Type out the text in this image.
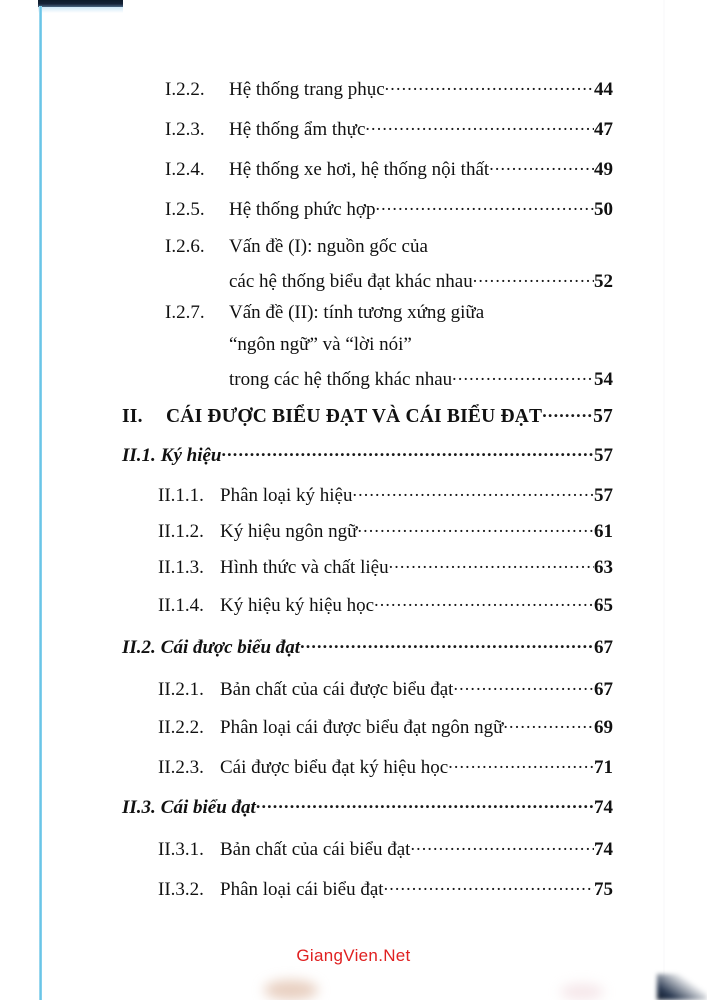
I.2.2.	Hệ thống trang phục .....	44
I.2.3.	Hệ thống ẩm thực .....	47
I.2.4.	Hệ thống xe hơi, hệ thống nội thất .....	49
I.2.5.	Hệ thống phức hợp .....	50
I.2.6.	Vấn đề (I): nguồn gốc của
các hệ thống biểu đạt khác nhau .....	52
I.2.7.	Vấn đề (II): tính tương xứng giữa
“ngôn ngữ” và “lời nói”
trong các hệ thống khác nhau .....	54
II.	CÁI ĐƯỢC BIỂU ĐẠT VÀ CÁI BIỂU ĐẠT .....	57
II.1. Ký hiệu .....	57
II.1.1. Phân loại ký hiệu .....	57
II.1.2. Ký hiệu ngôn ngữ .....	61
II.1.3. Hình thức và chất liệu .....	63
II.1.4. Ký hiệu ký hiệu học .....	65
II.2. Cái được biểu đạt .....	67
II.2.1. Bản chất của cái được biểu đạt .....	67
II.2.2. Phân loại cái được biểu đạt ngôn ngữ .....	69
II.2.3. Cái được biểu đạt ký hiệu học .....	71
II.3. Cái biểu đạt .....	74
II.3.1. Bản chất của cái biểu đạt .....	74
II.3.2. Phân loại cái biểu đạt .....	75
GiangVien.Net
